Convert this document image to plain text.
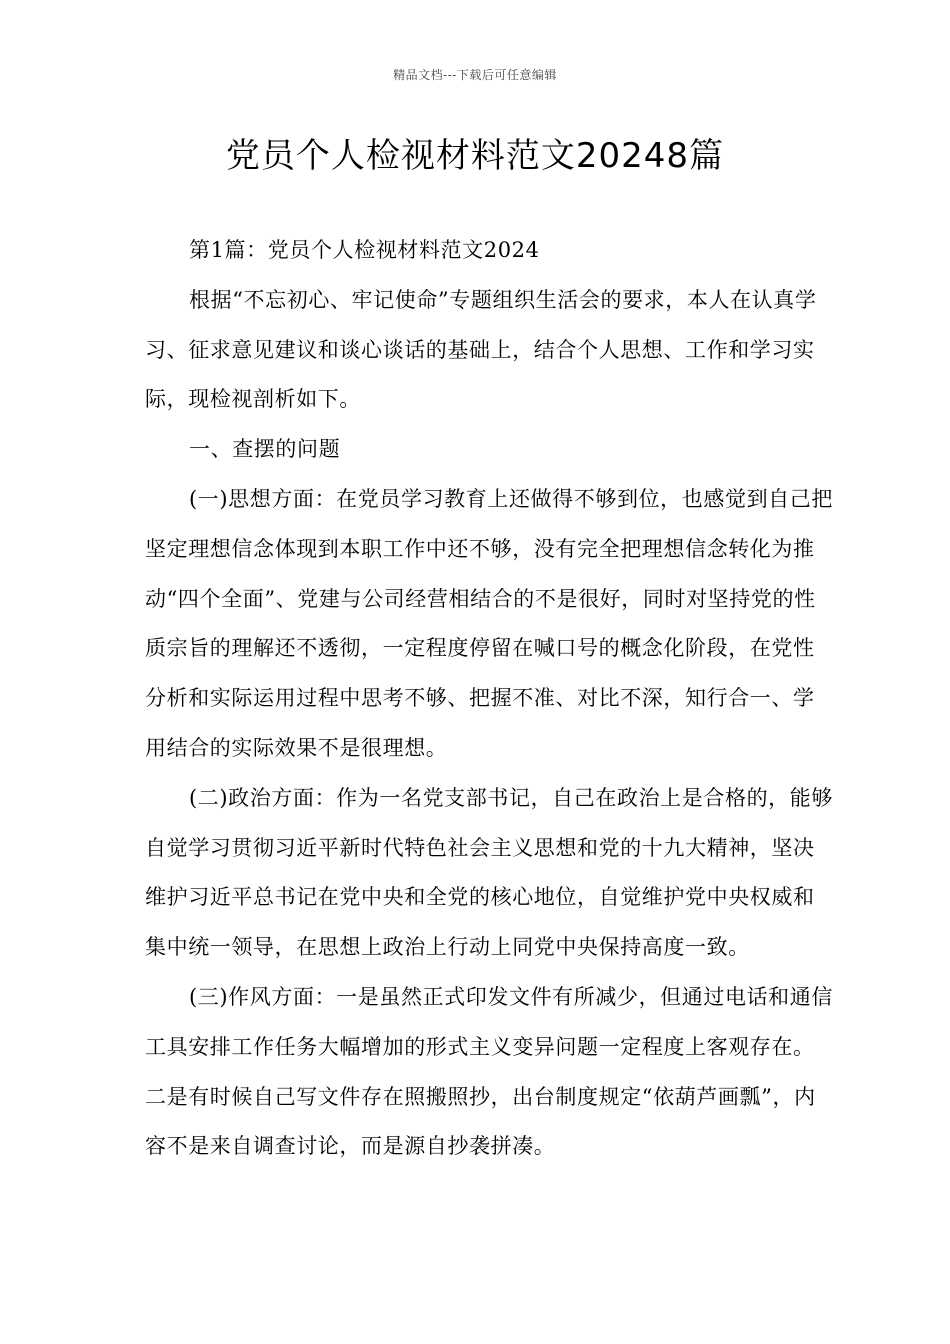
精品文档---下载后可任意编辑
党员个人检视材料范文20248篇

第1篇：党员个人检视材料范文2024

根据“不忘初心、牢记使命”专题组织生活会的要求，本人在认真学习、征求意见建议和谈心谈话的基础上，结合个人思想、工作和学习实际，现检视剖析如下。

一、查摆的问题

(一)思想方面：在党员学习教育上还做得不够到位，也感觉到自己把坚定理想信念体现到本职工作中还不够，没有完全把理想信念转化为推动“四个全面”、党建与公司经营相结合的不是很好，同时对坚持党的性质宗旨的理解还不透彻，一定程度停留在喊口号的概念化阶段，在党性分析和实际运用过程中思考不够、把握不准、对比不深，知行合一、学用结合的实际效果不是很理想。

(二)政治方面：作为一名党支部书记，自己在政治上是合格的，能够自觉学习贯彻习近平新时代特色社会主义思想和党的十九大精神，坚决维护习近平总书记在党中央和全党的核心地位，自觉维护党中央权威和集中统一领导，在思想上政治上行动上同党中央保持高度一致。

(三)作风方面：一是虽然正式印发文件有所减少，但通过电话和通信工具安排工作任务大幅增加的形式主义变异问题一定程度上客观存在。二是有时候自己写文件存在照搬照抄，出台制度规定“依葫芦画瓢”，内容不是来自调查讨论，而是源自抄袭拼凑。
